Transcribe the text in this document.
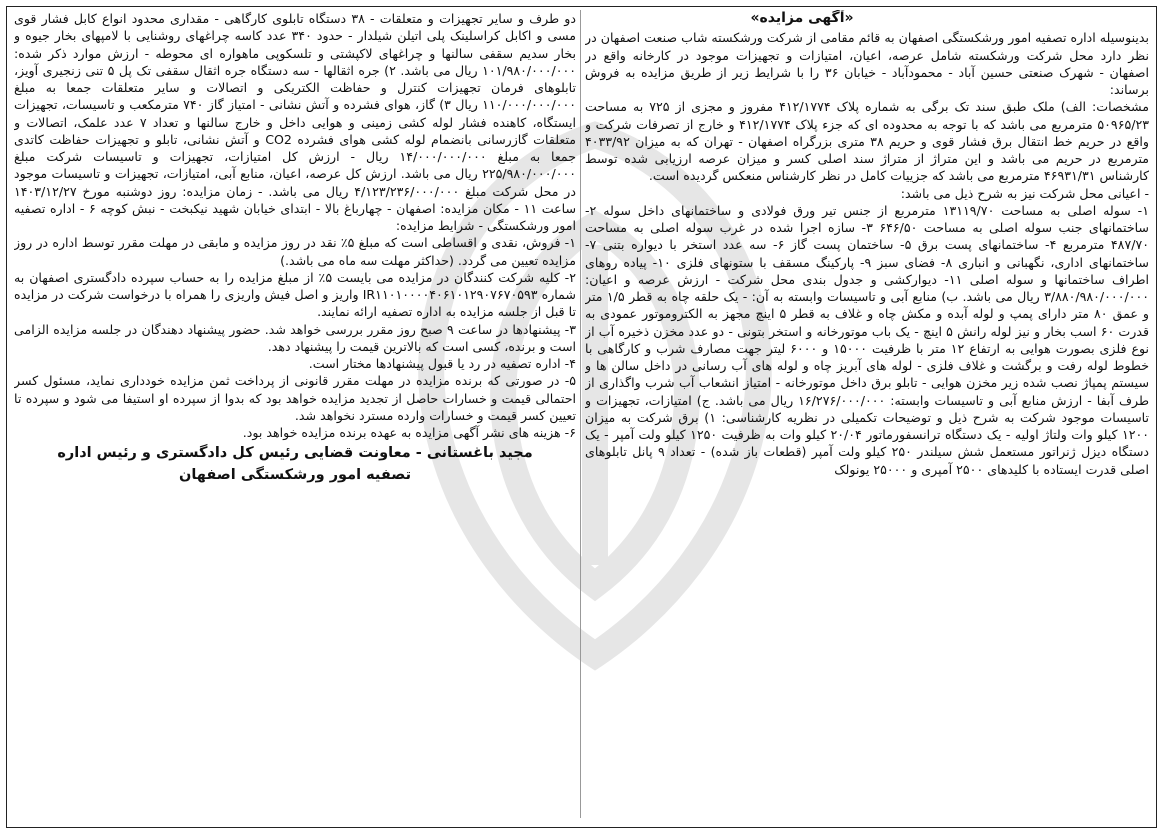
«آگهی مزایده»

بدینوسیله اداره تصفیه امور ورشکستگی اصفهان به قائم مقامی از شرکت ورشکسته شاب صنعت اصفهان در نظر دارد محل شرکت ورشکسته شامل عرصه، اعیان، امتیازات و تجهیزات موجود در کارخانه واقع در اصفهان - شهرک صنعتی حسین آباد - محمودآباد - خیابان ۳۶ را با شرایط زیر از طریق مزایده به فروش برساند:

مشخصات: الف) ملک طبق سند تک برگی به شماره پلاک ۴۱۲/۱۷۷۴ مفروز و مجزی از ۷۲۵ به مساحت ۵۰۹۶۵/۲۳ مترمربع می باشد که با توجه به محدوده ای که جزء پلاک ۴۱۲/۱۷۷۴ و خارج از تصرفات شرکت و واقع در حریم خط انتقال برق فشار قوی و حریم ۳۸ متری بزرگراه اصفهان - تهران که به میزان ۴۰۳۳/۹۲ مترمربع در حریم می باشد و این متراژ از متراژ سند اصلی کسر و میزان عرصه ارزیابی شده توسط کارشناس ۴۶۹۳۱/۳۱ مترمربع می باشد که جزییات کامل در نظر کارشناس منعکس گردیده است.

- اعیانی محل شرکت نیز به شرح ذیل می باشد:

۱- سوله اصلی به مساحت ۱۳۱۱۹/۷۰ مترمربع از جنس تیر ورق فولادی و ساختمانهای داخل سوله ۲- ساختمانهای جنب سوله اصلی به مساحت ۶۴۶/۵۰ ۳- سازه اجرا شده در غرب سوله اصلی به مساحت ۴۸۷/۷۰ مترمربع ۴- ساختمانهای پست برق ۵- ساختمان پست گاز ۶- سه عدد استخر با دیواره بتنی ۷- ساختمانهای اداری، نگهبانی و انباری ۸- فضای سبز ۹- پارکینگ مسقف با ستونهای فلزی ۱۰- پیاده روهای اطراف ساختمانها و سوله اصلی ۱۱- دیوارکشی و جدول بندی محل شرکت - ارزش عرصه و اعیان: ۳/۸۸۰/۹۸۰/۰۰۰/۰۰۰ ریال می باشد. ب) منابع آبی و تاسیسات وابسته به آن: - یک حلقه چاه به قطر ۱/۵ متر و عمق ۸۰ متر دارای پمپ و لوله آبده و مکش چاه و غلاف به قطر ۵ اینچ مجهز به الکتروموتور عمودی به قدرت ۶۰ اسب بخار و نیز لوله رانش ۵ اینچ - یک باب موتورخانه و استخر بتونی - دو عدد مخزن ذخیره آب از نوع فلزی بصورت هوایی به ارتفاع ۱۲ متر با ظرفیت ۱۵۰۰۰ و ۶۰۰۰ لیتر جهت مصارف شرب و کارگاهی با خطوط لوله رفت و برگشت و غلاف فلزی - لوله های آبریز چاه و لوله های آب رسانی در داخل سالن ها و سیستم پمپاژ نصب شده زیر مخزن هوایی - تابلو برق داخل موتورخانه - امتیاز انشعاب آب شرب واگذاری از طرف آبفا - ارزش منابع آبی و تاسیسات وابسته: ۱۶/۲۷۶/۰۰۰/۰۰۰ ریال می باشد. ج) امتیازات، تجهیزات و تاسیسات موجود شرکت به شرح ذیل و توضیحات تکمیلی در نظریه کارشناسی: ۱) برق شرکت به میزان ۱۲۰۰ کیلو وات ولتاژ اولیه - یک دستگاه ترانسفورماتور ۲۰/۰۴ کیلو وات به ظرفیت ۱۲۵۰ کیلو ولت آمپر - یک دستگاه دیزل ژنراتور مستعمل شش سیلندر ۲۵۰ کیلو ولت آمپر (قطعات باز شده) - تعداد ۹ پانل تابلوهای اصلی قدرت ایستاده با کلیدهای ۲۵۰۰ آمپری و ۲۵۰۰۰ یونولک

دو طرف و سایر تجهیزات و متعلقات - ۳۸ دستگاه تابلوی کارگاهی - مقداری محدود انواع کابل فشار قوی مسی و اکابل کراسلینک پلی اتیلن شیلدار - حدود ۳۴۰ عدد کاسه چراغهای روشنایی با لامپهای بخار جیوه و بخار سدیم سقفی سالنها و چراغهای لاکپشتی و تلسکوپی ماهواره ای محوطه - ارزش موارد ذکر شده: ۱۰۱/۹۸۰/۰۰۰/۰۰۰ ریال می باشد. ۲) جره اثقالها - سه دستگاه جره اثقال سقفی تک پل ۵ تنی زنجیری آویز، تابلوهای فرمان تجهیزات کنترل و حفاظت الکتریکی و اتصالات و سایر متعلقات جمعا به مبلغ ۱۱۰/۰۰۰/۰۰۰/۰۰۰ ریال ۳) گاز، هوای فشرده و آتش نشانی - امتیاز گاز ۷۴۰ مترمکعب و تاسیسات، تجهیزات ایستگاه، کاهنده فشار لوله کشی زمینی و هوایی داخل و خارج سالنها و تعداد ۷ عدد علمک، اتصالات و متعلقات گازرسانی بانضمام لوله کشی هوای فشرده CO2 و آتش نشانی، تابلو و تجهیزات حفاظت کاتدی جمعا به مبلغ ۱۴/۰۰۰/۰۰۰/۰۰۰ ریال - ارزش کل امتیازات، تجهیزات و تاسیسات شرکت مبلغ ۲۲۵/۹۸۰/۰۰۰/۰۰۰ ریال می باشد. ارزش کل عرصه، اعیان، منابع آبی، امتیازات، تجهیزات و تاسیسات موجود در محل شرکت مبلغ ۴/۱۲۳/۲۳۶/۰۰۰/۰۰۰ ریال می باشد. - زمان مزایده: روز دوشنبه مورخ ۱۴۰۳/۱۲/۲۷ ساعت ۱۱ - مکان مزایده: اصفهان - چهارباغ بالا - ابتدای خیابان شهید نیکبخت - نبش کوچه ۶ - اداره تصفیه امور ورشکستگی - شرایط مزایده:

۱- فروش، نقدی و اقساطی است که مبلغ ۵٪ نقد در روز مزایده و مابقی در مهلت مقرر توسط اداره در روز مزایده تعیین می گردد. (حداکثر مهلت سه ماه می باشد.)

۲- کلیه شرکت کنندگان در مزایده می بایست ۵٪ از مبلغ مزایده را به حساب سپرده دادگستری اصفهان به شماره IR۱۱۰۱۰۰۰۰۴۰۶۱۰۱۲۹۰۷۶۷۰۵۹۳ واریز و اصل فیش واریزی را همراه با درخواست شرکت در مزایده تا قبل از جلسه مزایده به اداره تصفیه ارائه نمایند.

۳- پیشنهادها در ساعت ۹ صبح روز مقرر بررسی خواهد شد. حضور پیشنهاد دهندگان در جلسه مزایده الزامی است و برنده، کسی است که بالاترین قیمت را پیشنهاد دهد.

۴- اداره تصفیه در رد یا قبول پیشنهادها مختار است.

۵- در صورتی که برنده مزایده در مهلت مقرر قانونی از پرداخت ثمن مزایده خودداری نماید، مسئول کسر احتمالی قیمت و خسارات حاصل از تجدید مزایده خواهد بود که بدوا از سپرده او استیفا می شود و سپرده تا تعیین کسر قیمت و خسارات وارده مسترد نخواهد شد.

۶- هزینه های نشر آگهی مزایده به عهده برنده مزایده خواهد بود.

مجید باغستانی - معاونت قضایی رئیس کل دادگستری و رئیس اداره
تصفیه امور ورشکستگی اصفهان
